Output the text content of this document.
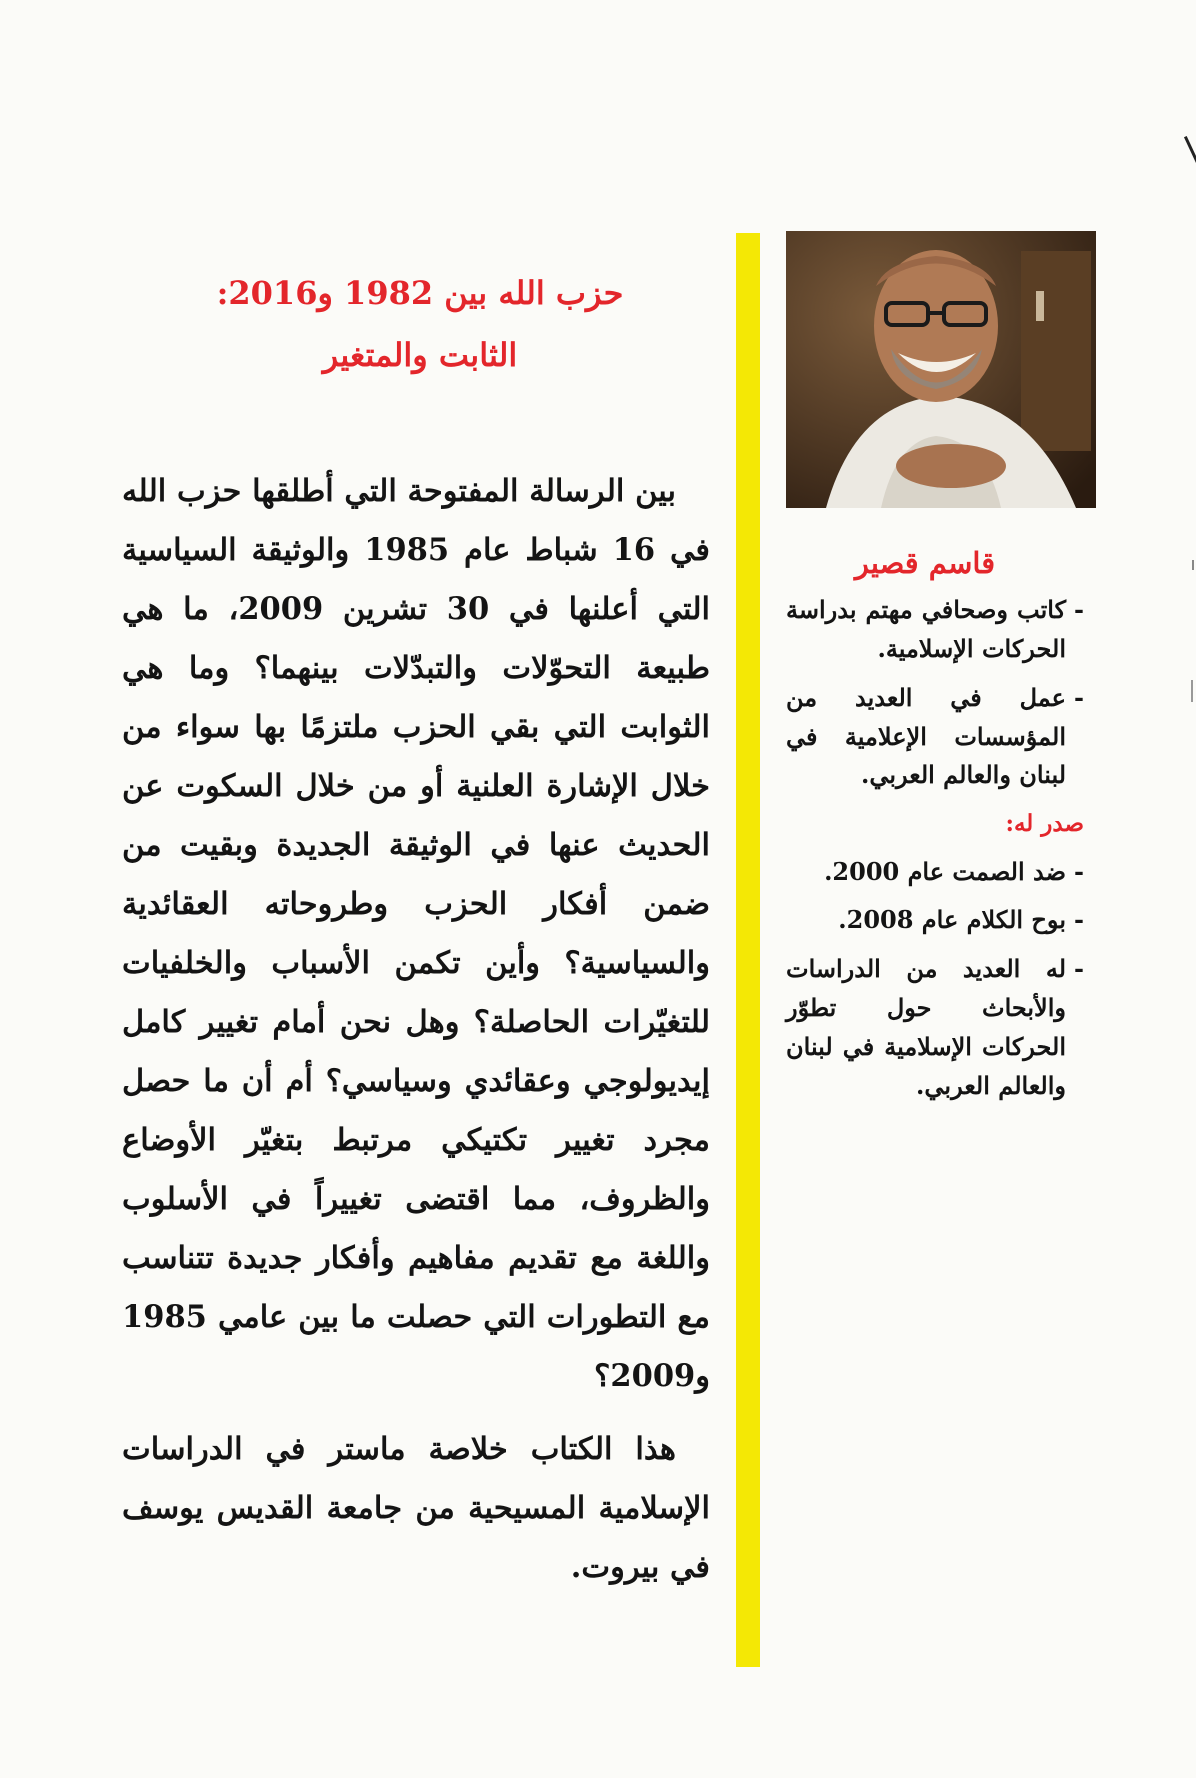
حزب الله بين 1982 و2016:
الثابت والمتغير

بين الرسالة المفتوحة التي أطلقها حزب الله في 16 شباط عام 1985 والوثيقة السياسية التي أعلنها في 30 تشرين 2009، ما هي طبيعة التحوّلات والتبدّلات بينهما؟ وما هي الثوابت التي بقي الحزب ملتزمًا بها سواء من خلال الإشارة العلنية أو من خلال السكوت عن الحديث عنها في الوثيقة الجديدة وبقيت من ضمن أفكار الحزب وطروحاته العقائدية والسياسية؟ وأين تكمن الأسباب والخلفيات للتغيّرات الحاصلة؟ وهل نحن أمام تغيير كامل إيديولوجي وعقائدي وسياسي؟ أم أن ما حصل مجرد تغيير تكتيكي مرتبط بتغيّر الأوضاع والظروف، مما اقتضى تغييراً في الأسلوب واللغة مع تقديم مفاهيم وأفكار جديدة تتناسب مع التطورات التي حصلت ما بين عامي 1985 و2009؟

هذا الكتاب خلاصة ماستر في الدراسات الإسلامية المسيحية من جامعة القديس يوسف في بيروت.

قاسم قصير
- كاتب وصحافي مهتم بدراسة الحركات الإسلامية.
- عمل في العديد من المؤسسات الإعلامية في لبنان والعالم العربي.
صدر له:
- ضد الصمت عام 2000.
- بوح الكلام عام 2008.
- له العديد من الدراسات والأبحاث حول تطوّر الحركات الإسلامية في لبنان والعالم العربي.
